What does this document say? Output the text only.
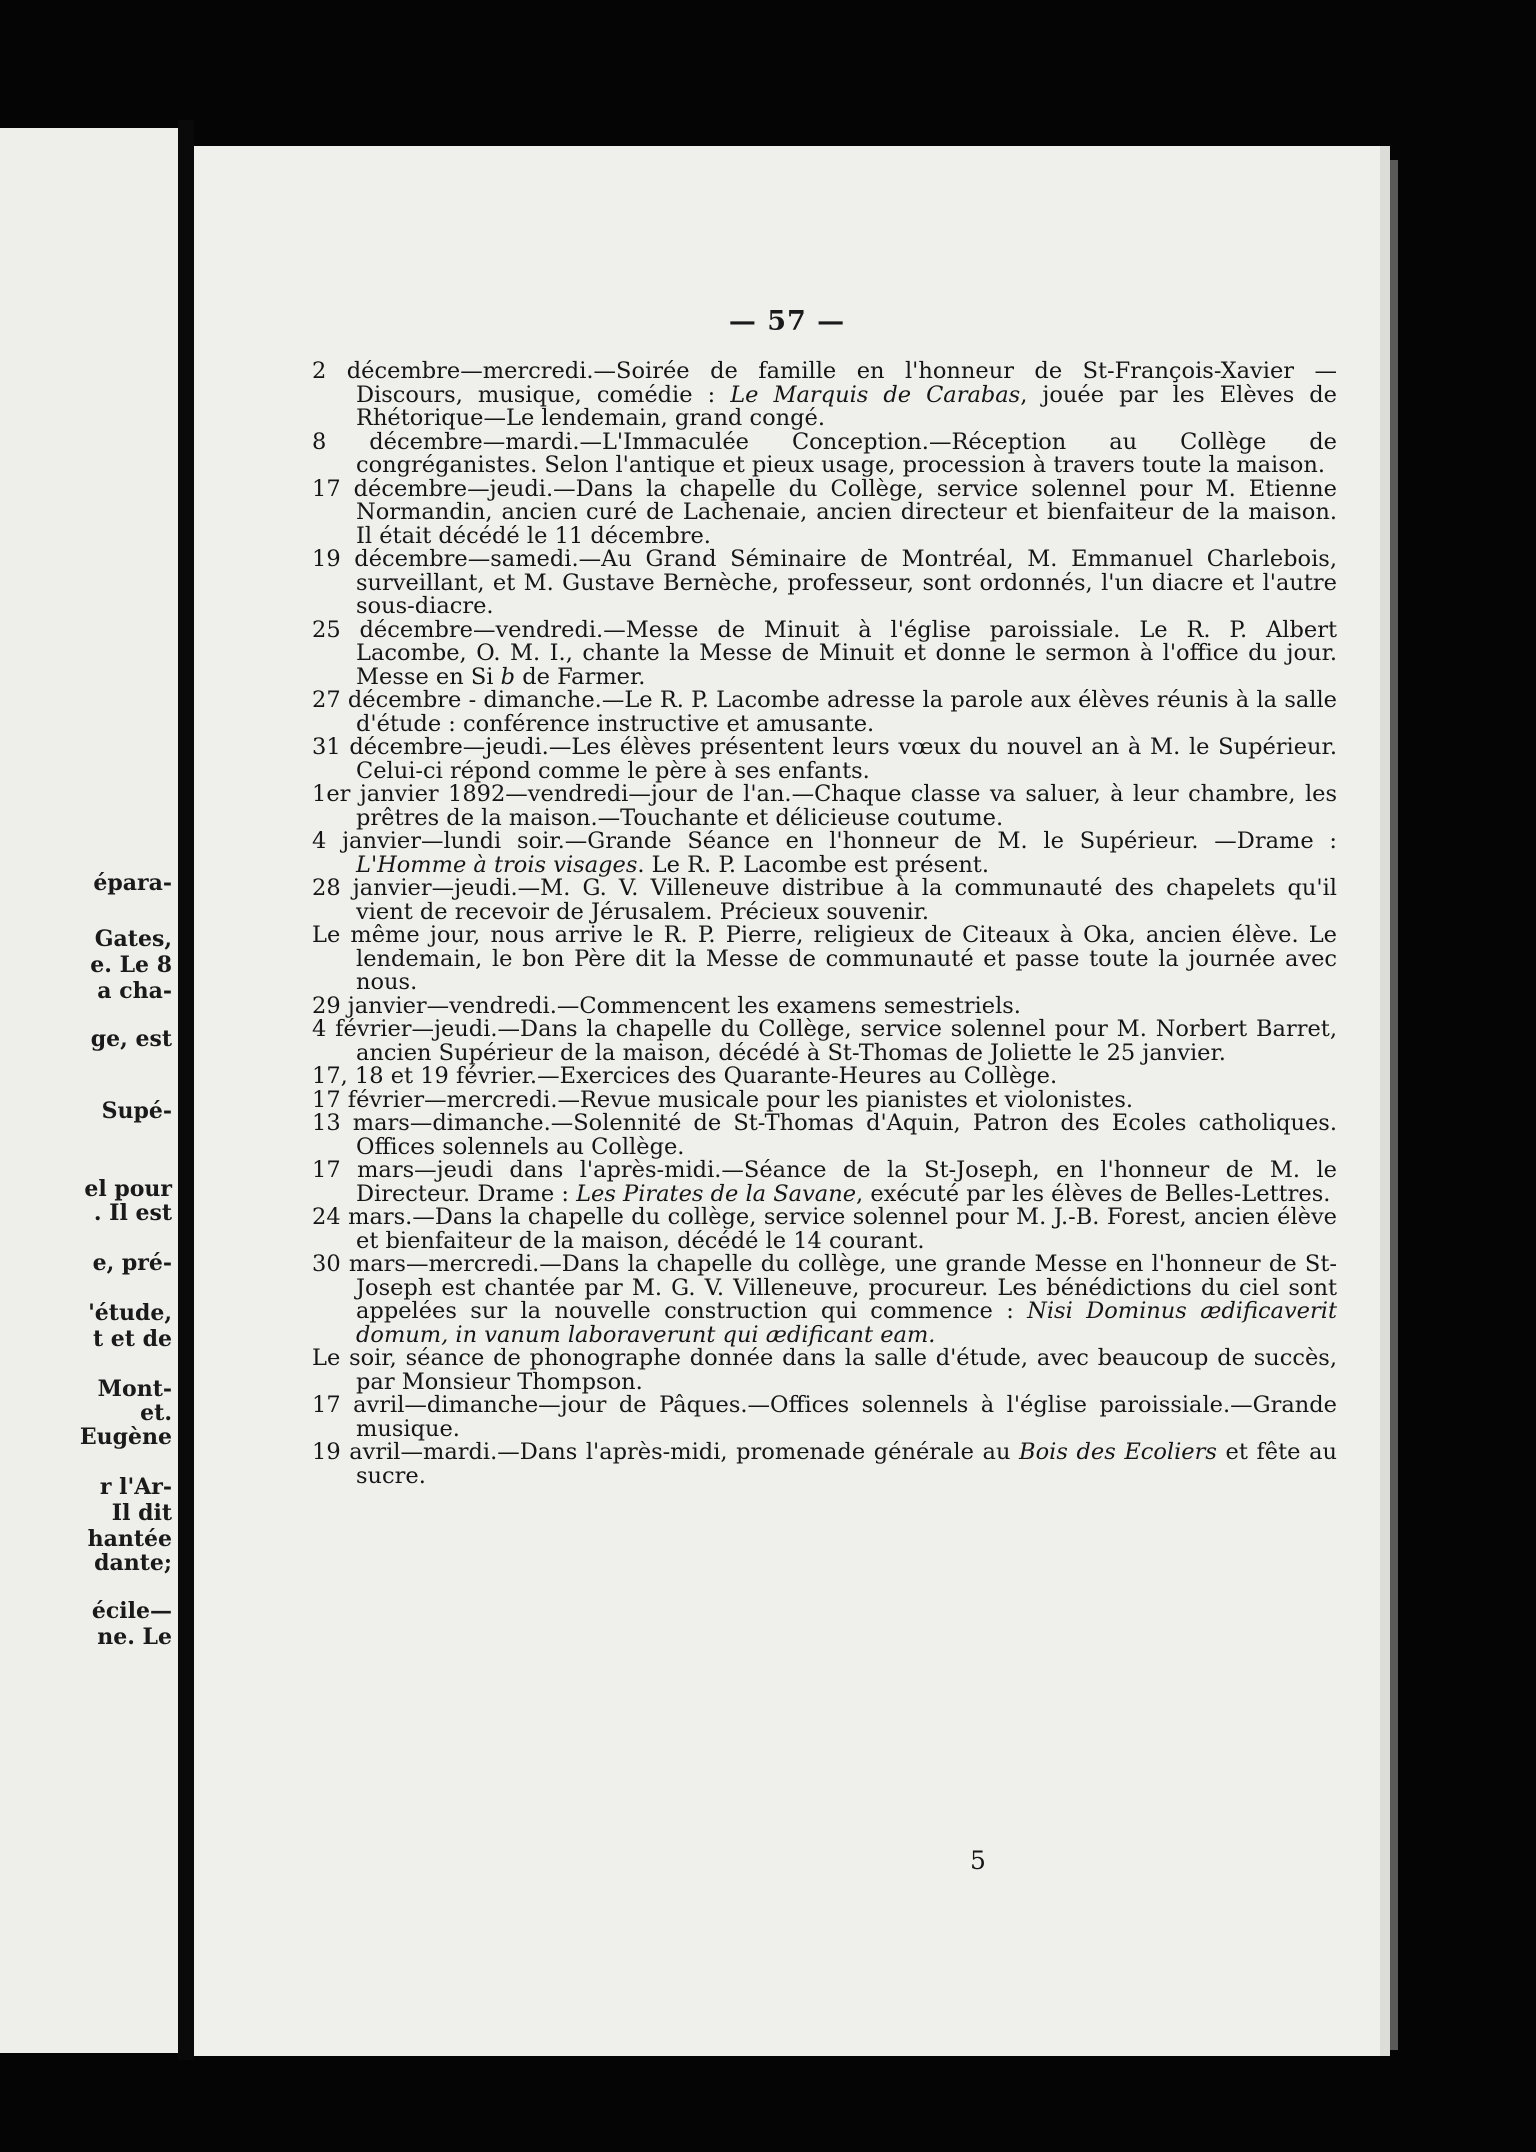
épara-
Gates,
e. Le 8
a cha-
ge, est
Supé-
el pour
. Il est
e, pré-
'étude,
t et de
Mont-
et.
Eugène
r l'Ar-
Il dit
hantée
dante;
écile—
ne. Le
— 57 —

2 décembre—mercredi.—Soirée de famille en l'honneur de St-François-Xavier — Discours, musique, comédie : Le Marquis de Carabas, jouée par les Elèves de Rhétorique—Le lendemain, grand congé.

8 décembre—mardi.—L'Immaculée Conception.—Réception au Collège de congréganistes. Selon l'antique et pieux usage, procession à travers toute la maison.

17 décembre—jeudi.—Dans la chapelle du Collège, service solennel pour M. Etienne Normandin, ancien curé de Lachenaie, ancien directeur et bienfaiteur de la maison. Il était décédé le 11 décembre.

19 décembre—samedi.—Au Grand Séminaire de Montréal, M. Emmanuel Charlebois, surveillant, et M. Gustave Bernèche, professeur, sont ordonnés, l'un diacre et l'autre sous-diacre.

25 décembre—vendredi.—Messe de Minuit à l'église paroissiale. Le R. P. Albert Lacombe, O. M. I., chante la Messe de Minuit et donne le sermon à l'office du jour. Messe en Si b de Farmer.

27 décembre - dimanche.—Le R. P. Lacombe adresse la parole aux élèves réunis à la salle d'étude : conférence instructive et amusante.

31 décembre—jeudi.—Les élèves présentent leurs vœux du nouvel an à M. le Supérieur. Celui-ci répond comme le père à ses enfants.

1er janvier 1892—vendredi—jour de l'an.—Chaque classe va saluer, à leur chambre, les prêtres de la maison.—Touchante et délicieuse coutume.

4 janvier—lundi soir.—Grande Séance en l'honneur de M. le Supérieur. —Drame : L'Homme à trois visages. Le R. P. Lacombe est présent.

28 janvier—jeudi.—M. G. V. Villeneuve distribue à la communauté des chapelets qu'il vient de recevoir de Jérusalem. Précieux souvenir.

Le même jour, nous arrive le R. P. Pierre, religieux de Citeaux à Oka, ancien élève. Le lendemain, le bon Père dit la Messe de communauté et passe toute la journée avec nous.

29 janvier—vendredi.—Commencent les examens semestriels.

4 février—jeudi.—Dans la chapelle du Collège, service solennel pour M. Norbert Barret, ancien Supérieur de la maison, décédé à St-Thomas de Joliette le 25 janvier.

17, 18 et 19 février.—Exercices des Quarante-Heures au Collège.

17 février—mercredi.—Revue musicale pour les pianistes et violonistes.

13 mars—dimanche.—Solennité de St-Thomas d'Aquin, Patron des Ecoles catholiques. Offices solennels au Collège.

17 mars—jeudi dans l'après-midi.—Séance de la St-Joseph, en l'honneur de M. le Directeur. Drame : Les Pirates de la Savane, exécuté par les élèves de Belles-Lettres.

24 mars.—Dans la chapelle du collège, service solennel pour M. J.-B. Forest, ancien élève et bienfaiteur de la maison, décédé le 14 courant.

30 mars—mercredi.—Dans la chapelle du collège, une grande Messe en l'honneur de St-Joseph est chantée par M. G. V. Villeneuve, procureur. Les bénédictions du ciel sont appelées sur la nouvelle construction qui commence : Nisi Dominus ædificaverit domum, in vanum laboraverunt qui ædificant eam.

Le soir, séance de phonographe donnée dans la salle d'étude, avec beaucoup de succès, par Monsieur Thompson.

17 avril—dimanche—jour de Pâques.—Offices solennels à l'église paroissiale.—Grande musique.

19 avril—mardi.—Dans l'après-midi, promenade générale au Bois des Ecoliers et fête au sucre.

5
